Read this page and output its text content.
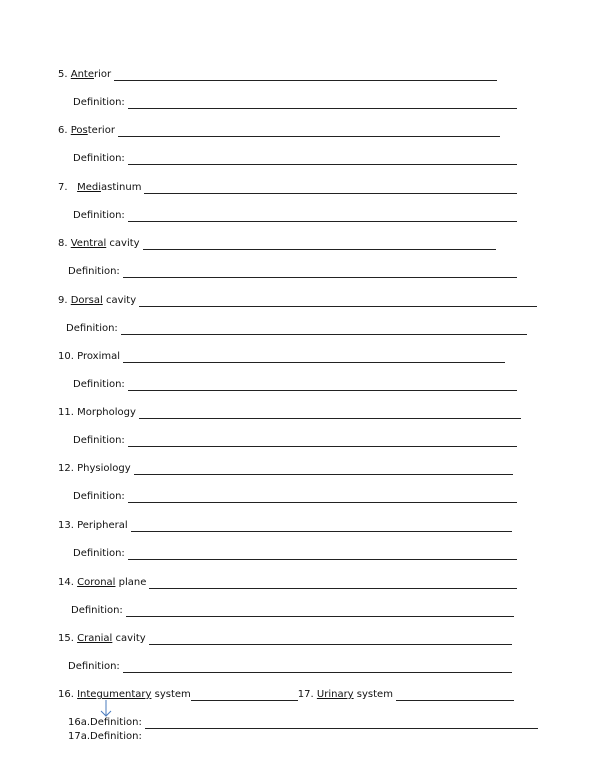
5. Anterior
Definition:
6. Posterior
Definition:
7.   Mediastinum
Definition:
8. Ventral cavity
Definition:
9. Dorsal cavity
Definition:
10. Proximal
Definition:
11. Morphology
Definition:
12. Physiology
Definition:
13. Peripheral
Definition:
14. Coronal plane
Definition:
15. Cranial cavity
Definition:
16. Integumentary system	17. Urinary system
16a.Definition:
17a.Definition:
